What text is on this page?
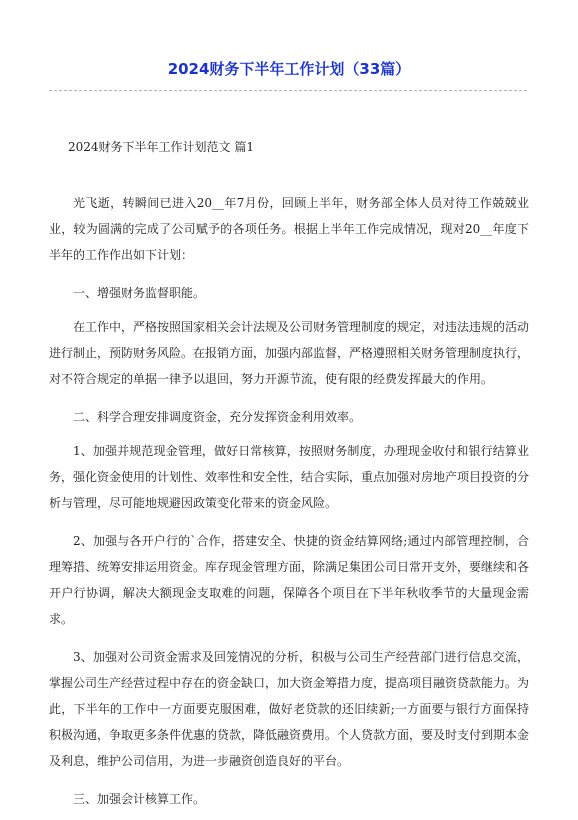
2024财务下半年工作计划（33篇）
2024财务下半年工作计划范文 篇1

光飞逝，转瞬间已进入20__年7月份，回顾上半年，财务部全体人员对待工作兢兢业业，较为圆满的完成了公司赋予的各项任务。根据上半年工作完成情况，现对20__年度下半年的工作作出如下计划：

一、增强财务监督职能。

在工作中，严格按照国家相关会计法规及公司财务管理制度的规定，对违法违规的活动进行制止，预防财务风险。在报销方面，加强内部监督，严格遵照相关财务管理制度执行，对不符合规定的单据一律予以退回，努力开源节流，使有限的经费发挥最大的作用。

二、科学合理安排调度资金，充分发挥资金利用效率。

1、加强并规范现金管理，做好日常核算，按照财务制度，办理现金收付和银行结算业务，强化资金使用的计划性、效率性和安全性，结合实际，重点加强对房地产项目投资的分析与管理，尽可能地规避因政策变化带来的资金风险。

2、加强与各开户行的`合作，搭建安全、快捷的资金结算网络;通过内部管理控制，合理筹措、统筹安排运用资金。库存现金管理方面，除满足集团公司日常开支外，要继续和各开户行协调，解决大额现金支取难的问题，保障各个项目在下半年秋收季节的大量现金需求。

3、加强对公司资金需求及回笼情况的分析，积极与公司生产经营部门进行信息交流，掌握公司生产经营过程中存在的资金缺口，加大资金筹措力度，提高项目融资贷款能力。为此，下半年的工作中一方面要克服困难，做好老贷款的还旧续新;一方面要与银行方面保持积极沟通，争取更多条件优惠的贷款，降低融资费用。个人贷款方面，要及时支付到期本金及利息，维护公司信用，为进一步融资创造良好的平台。

三、加强会计核算工作。
